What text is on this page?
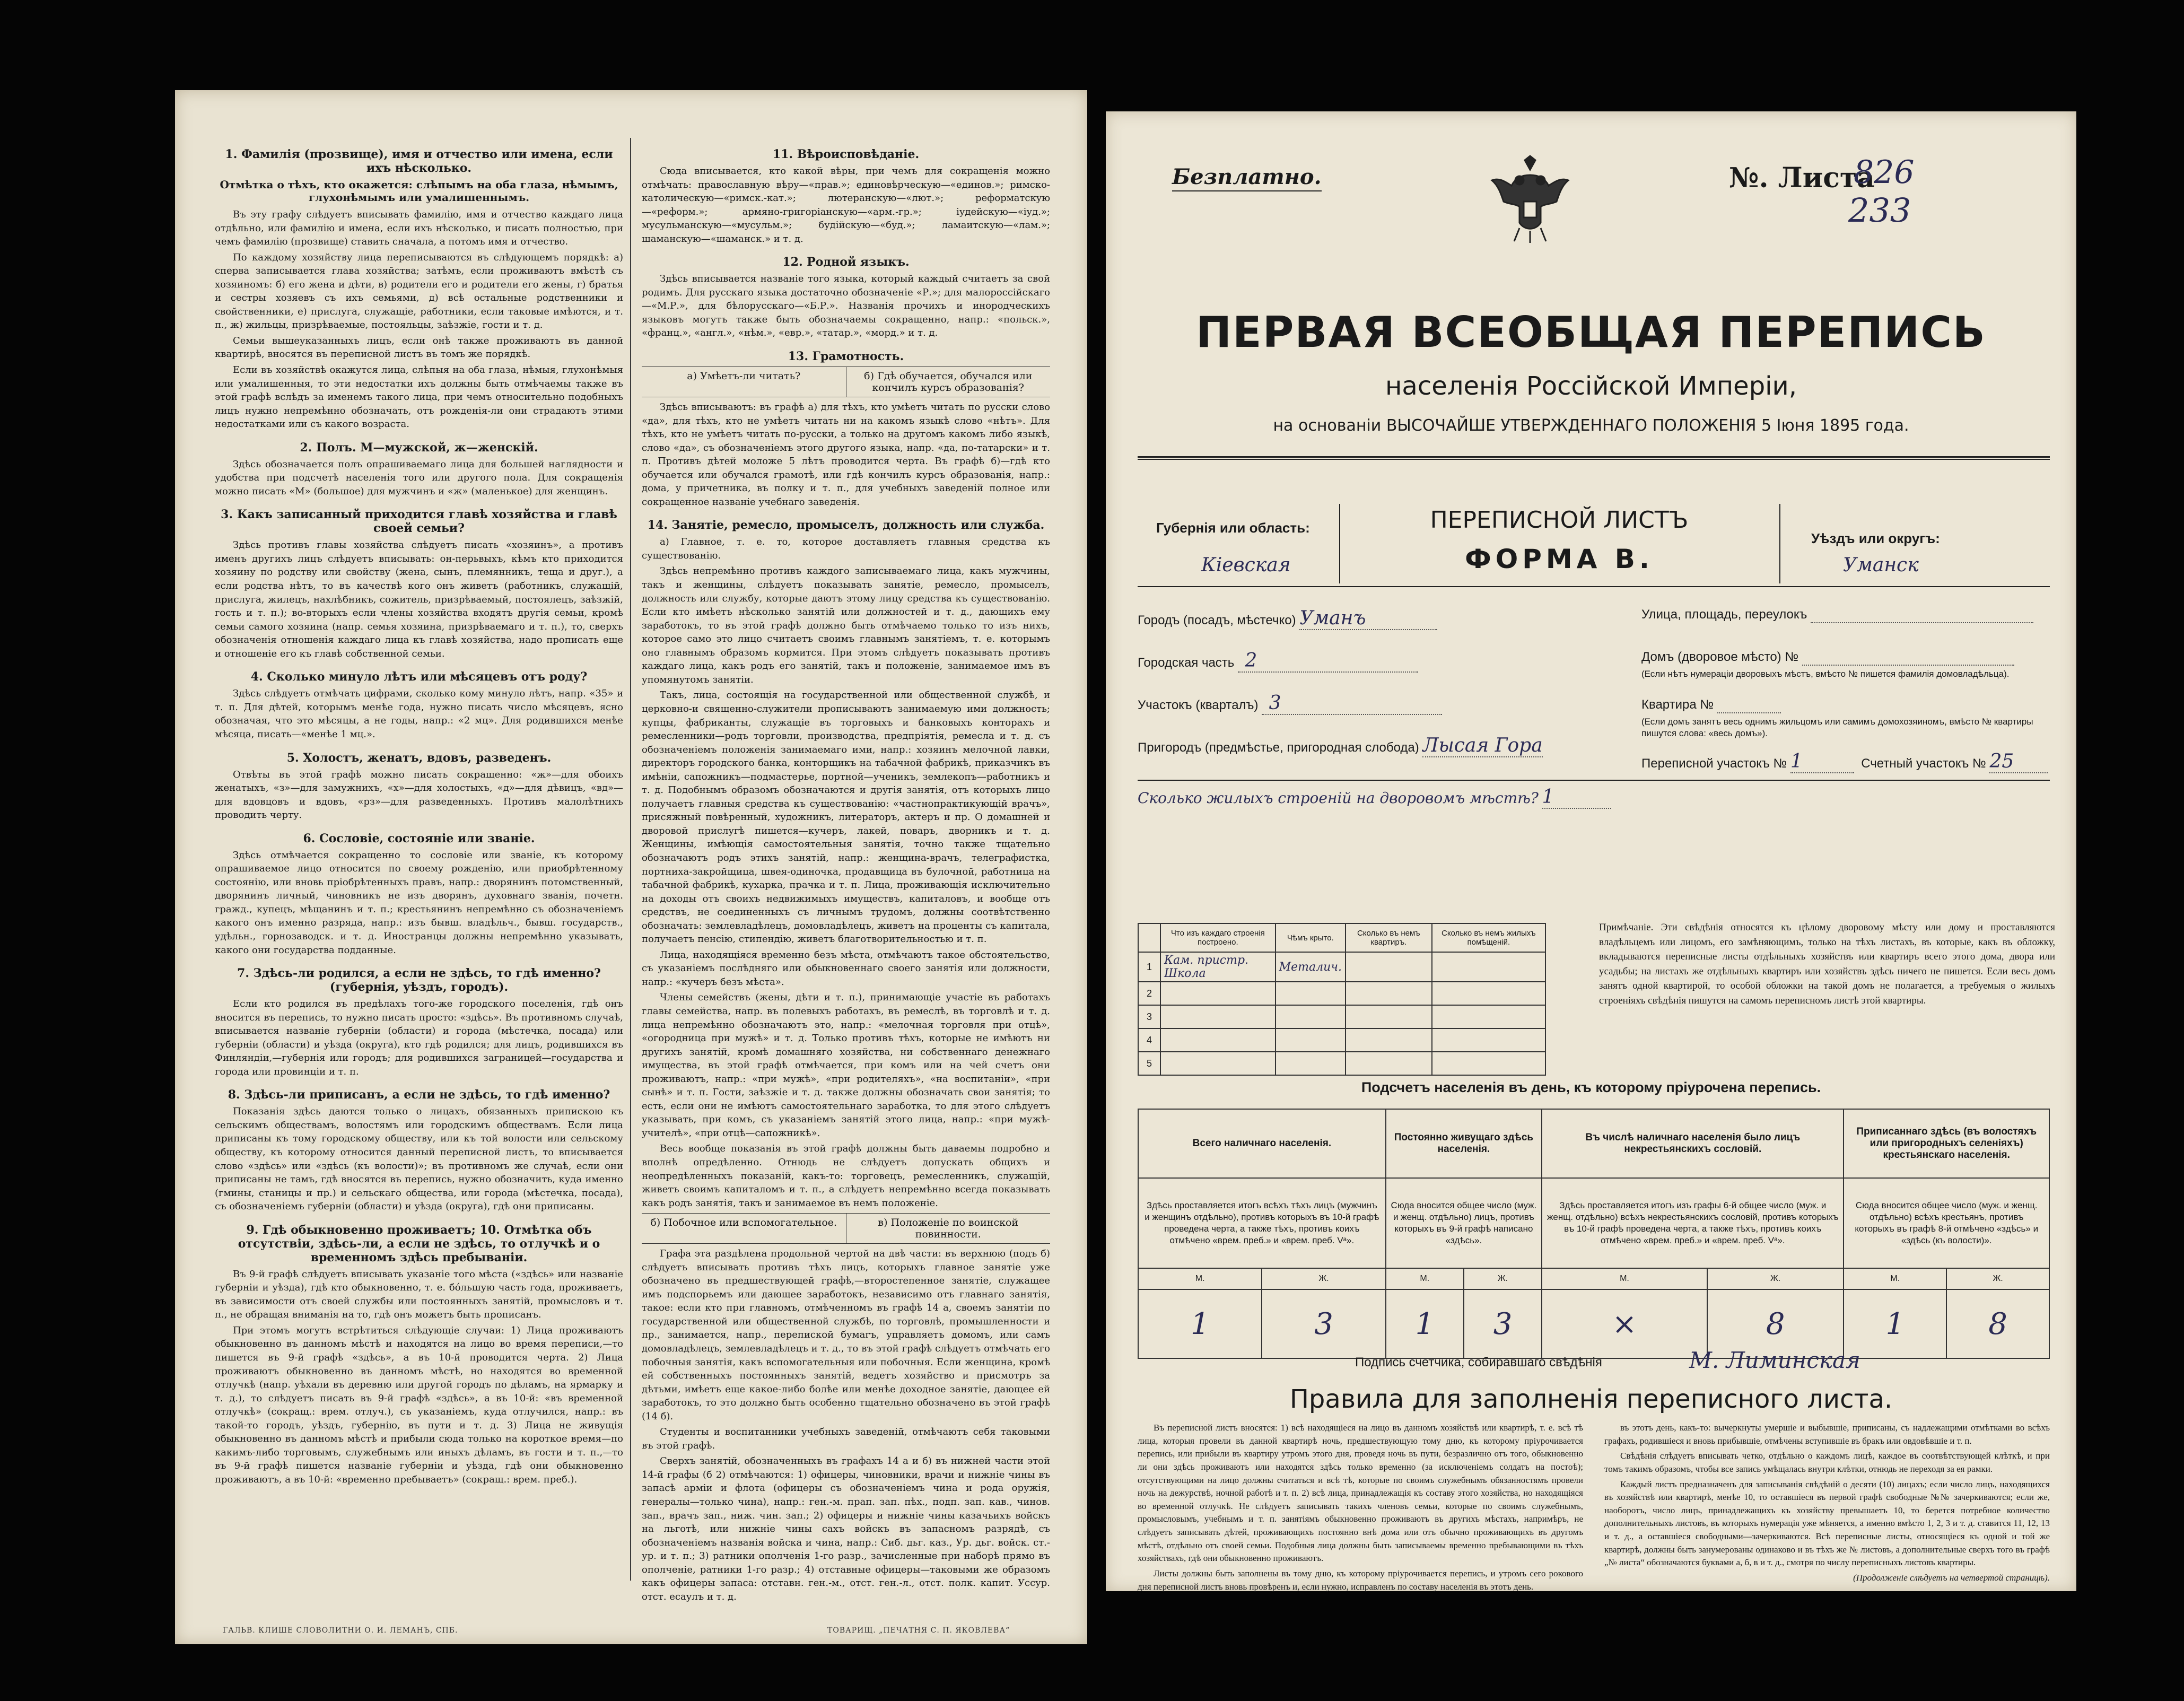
1. Фамилія (прозвище), имя и отчество или имена, если ихъ нѣсколько.
Отмѣтка о тѣхъ, кто окажется: слѣпымъ на оба глаза, нѣмымъ, глухонѣмымъ или умалишеннымъ.

Въ эту графу слѣдуетъ вписывать фамилію, имя и отчество каждаго лица отдѣльно, или фамилію и имена, если ихъ нѣсколько, и писать полностью, при чемъ фамилію (прозвище) ставить сначала, а потомъ имя и отчество.

По каждому хозяйству лица переписываются въ слѣдующемъ порядкѣ: а) сперва записывается глава хозяйства; затѣмъ, если проживаютъ вмѣстѣ съ хозяиномъ: б) его жена и дѣти, в) родители его и родители его жены, г) братья и сестры хозяевъ съ ихъ семьями, д) всѣ остальные родственники и свойственники, е) прислуга, служащіе, работники, если таковые имѣются, и т. п., ж) жильцы, призрѣваемые, постояльцы, заѣзжіе, гости и т. д.

Семьи вышеуказанныхъ лицъ, если онѣ также проживаютъ въ данной квартирѣ, вносятся въ переписной листъ въ томъ же порядкѣ.

Если въ хозяйствѣ окажутся лица, слѣпыя на оба глаза, нѣмыя, глухонѣмыя или умалишенныя, то эти недостатки ихъ должны быть отмѣчаемы также въ этой графѣ вслѣдъ за именемъ такого лица, при чемъ относительно подобныхъ лицъ нужно непремѣнно обозначать, отъ рожденія-ли они страдаютъ этими недостатками или съ какого возраста.

2. Полъ. М—мужской, ж—женскій.

Здѣсь обозначается полъ опрашиваемаго лица для большей наглядности и удобства при подсчетѣ населенія того или другого пола. Для сокращенія можно писать «М» (большое) для мужчинъ и «ж» (маленькое) для женщинъ.

3. Какъ записанный приходится главѣ хозяйства и главѣ своей семьи?

Здѣсь противъ главы хозяйства слѣдуетъ писать «хозяинъ», а противъ именъ другихъ лицъ слѣдуетъ вписывать: он-перьвыхъ, кѣмъ кто приходится хозяину по родству или свойству (жена, сынъ, племянникъ, теща и друг.), а если родства нѣтъ, то въ качествѣ кого онъ живетъ (работникъ, служащій, прислуга, жилецъ, нахлѣбникъ, сожитель, призрѣваемый, постоялецъ, заѣзжій, гость и т. п.); во-вторыхъ если члены хозяйства входятъ другія семьи, кромѣ семьи самого хозяина (напр. семья хозяина, призрѣваемаго и т. п.), то, сверхъ обозначенія отношенія каждаго лица къ главѣ хозяйства, надо прописать еще и отношеніе его къ главѣ собственной семьи.

4. Сколько минуло лѣтъ или мѣсяцевъ отъ роду?

Здѣсь слѣдуетъ отмѣчать цифрами, сколько кому минуло лѣтъ, напр. «35» и т. п. Для дѣтей, которымъ менѣе года, нужно писать число мѣсяцевъ, ясно обозначая, что это мѣсяцы, а не годы, напр.: «2 мц». Для родившихся менѣе мѣсяца, писать—«менѣе 1 мц.».

5. Холостъ, женатъ, вдовъ, разведенъ.

Отвѣты въ этой графѣ можно писать сокращенно: «ж»—для обоихъ женатыхъ, «з»—для замужнихъ, «х»—для холостыхъ, «д»—для дѣвицъ, «вд»—для вдовцовъ и вдовъ, «рз»—для разведенныхъ. Противъ малолѣтнихъ проводить черту.

6. Сословіе, состояніе или званіе.

Здѣсь отмѣчается сокращенно то сословіе или званіе, къ которому опрашиваемое лицо относится по своему рожденію, или приобрѣтенному состоянію, или вновь пріобрѣтенныхъ правъ, напр.: дворянинъ потомственный, дворянинъ личный, чиновникъ не изъ дворянъ, духовнаго званія, почетн. гражд., купецъ, мѣщанинъ и т. п.; крестьянинъ непремѣнно съ обозначеніемъ какого онъ именно разряда, напр.: изъ бывш. владѣльч., бывш. государств., удѣльн., горнозаводск. и т. д. Иностранцы должны непремѣнно указывать, какого они государства подданные.

7. Здѣсь-ли родился, а если не здѣсь, то гдѣ именно? (губернія, уѣздъ, городъ).

Если кто родился въ предѣлахъ того-же городского поселенія, гдѣ онъ вносится въ перепись, то нужно писать просто: «здѣсь». Въ противномъ случаѣ, вписывается названіе губерніи (области) и города (мѣстечка, посада) или губерніи (области) и уѣзда (округа), кто гдѣ родился; для лицъ, родившихся въ Финляндіи,—губернія или городъ; для родившихся заграницей—государства и города или провинціи и т. п.

8. Здѣсь-ли приписанъ, а если не здѣсь, то гдѣ именно?

Показанія здѣсь даются только о лицахъ, обязанныхъ припискою къ сельскимъ обществамъ, волостямъ или городскимъ обществамъ. Если лица приписаны къ тому городскому обществу, или къ той волости или сельскому обществу, къ которому относится данный переписной листъ, то вписывается слово «здѣсь» или «здѣсь (къ волости)»; въ противномъ же случаѣ, если они приписаны не тамъ, гдѣ вносятся въ перепись, нужно обозначить, куда именно (гмины, станицы и пр.) и сельскаго общества, или города (мѣстечка, посада), съ обозначеніемъ губерніи (области) и уѣзда (округа), гдѣ они приписаны.

9. Гдѣ обыкновенно проживаетъ; 10. Отмѣтка объ отсутствіи, здѣсь-ли, а если не здѣсь, то отлучкѣ и о временномъ здѣсь пребываніи.

Въ 9-й графѣ слѣдуетъ вписывать указаніе того мѣста («здѣсь» или названіе губерніи и уѣзда), гдѣ кто обыкновенно, т. е. бóльшую часть года, проживаетъ, въ зависимости отъ своей службы или постоянныхъ занятій, промысловъ и т. п., не обращая вниманія на то, гдѣ онъ можетъ быть прописанъ.

При этомъ могутъ встрѣтиться слѣдующіе случаи: 1) Лица проживаютъ обыкновенно въ данномъ мѣстѣ и находятся на лицо во время переписи,—то пишется въ 9-й графѣ «здѣсь», а въ 10-й проводится черта. 2) Лица проживаютъ обыкновенно въ данномъ мѣстѣ, но находятся во временной отлучкѣ (напр. уѣхали въ деревню или другой городъ по дѣламъ, на ярмарку и т. д.), то слѣдуетъ писать въ 9-й графѣ «здѣсь», а въ 10-й: «въ временной отлучкѣ» (сокращ.: врем. отлуч.), съ указаніемъ, куда отлучился, напр.: въ такой-то городъ, уѣздъ, губернію, въ пути и т. д. 3) Лица не живущія обыкновенно въ данномъ мѣстѣ и прибыли сюда только на короткое время—по какимъ-либо торговымъ, служебнымъ или иныхъ дѣламъ, въ гости и т. п.,—то въ 9-й графѣ пишется названіе губерніи и уѣзда, гдѣ они обыкновенно проживаютъ, а въ 10-й: «временно пребываетъ» (сокращ.: врем. преб.).

11. Вѣроисповѣданіе.

Сюда вписывается, кто какой вѣры, при чемъ для сокращенія можно отмѣчать: православную вѣру—«прав.»; единовѣрческую—«единов.»; римско-католическую—«римск.-кат.»; лютеранскую—«лют.»; реформатскую—«реформ.»; армяно-григоріанскую—«арм.-гр.»; іудейскую—«іуд.»; мусульманскую—«мусульм.»; будійскую—«буд.»; ламаитскую—«лам.»; шаманскую—«шаманск.» и т. д.

12. Родной языкъ.

Здѣсь вписывается названіе того языка, который каждый считаетъ за свой родимъ. Для русскаго языка достаточно обозначеніе «Р.»; для малороссійскаго—«М.Р.», для бѣлорусскаго—«Б.Р.». Названія прочихъ и инородческихъ языковъ могутъ также быть обозначаемы сокращенно, напр.: «польск.», «франц.», «англ.», «нѣм.», «евр.», «татар.», «морд.» и т. д.

13. Грамотность.
а) Умѣетъ-ли читать?	б) Гдѣ обучается, обучался или кончилъ курсъ образованія?

Здѣсь вписываютъ: въ графѣ а) для тѣхъ, кто умѣетъ читать по русски слово «да», для тѣхъ, кто не умѣетъ читать ни на какомъ языкѣ слово «нѣтъ». Для тѣхъ, кто не умѣетъ читать по-русски, а только на другомъ какомъ либо языкѣ, слово «да», съ обозначеніемъ этого другого языка, напр. «да, по-татарски» и т. п. Противъ дѣтей моложе 5 лѣтъ проводится черта. Въ графѣ б)—гдѣ кто обучается или обучался грамотѣ, или гдѣ кончилъ курсъ образованія, напр.: дома, у причетника, въ полку и т. п., для учебныхъ заведеній полное или сокращенное названіе учебнаго заведенія.

14. Занятіе, ремесло, промыселъ, должность или служба.

а) Главное, т. е. то, которое доставляетъ главныя средства къ существованію.

Здѣсь непремѣнно противъ каждого записываемаго лица, какъ мужчины, такъ и женщины, слѣдуетъ показывать занятіе, ремесло, промыселъ, должность или службу, которые даютъ этому лицу средства къ существованію. Если кто имѣетъ нѣсколько занятій или должностей и т. д., дающихъ ему заработокъ, то въ этой графѣ должно быть отмѣчаемо только то изъ нихъ, которое само это лицо считаетъ своимъ главнымъ занятіемъ, т. е. которымъ оно главнымъ образомъ кормится. При этомъ слѣдуетъ показывать противъ каждаго лица, какъ родъ его занятій, такъ и положеніе, занимаемое имъ въ упомянутомъ занятіи.

Такъ, лица, состоящія на государственной или общественной службѣ, и церковно-и священно-служители прописываютъ занимаемую ими должность; купцы, фабриканты, служащіе въ торговыхъ и банковыхъ конторахъ и ремесленники—родъ торговли, производства, предпріятія, ремесла и т. д. съ обозначеніемъ положенія занимаемаго ими, напр.: хозяинъ мелочной лавки, директоръ городского банка, конторщикъ на табачной фабрикѣ, приказчикъ въ имѣніи, сапожникъ—подмастерье, портной—ученикъ, землекопъ—работникъ и т. д. Подобнымъ образомъ обозначаются и другія занятія, отъ которыхъ лицо получаетъ главныя средства къ существованію: «частнопрактикующій врачъ», присяжный повѣренный, художникъ, литераторъ, актеръ и пр. О домашней и дворовой прислугѣ пишется—кучеръ, лакей, поваръ, дворникъ и т. д. Женщины, имѣющія самостоятельныя занятія, точно также тщательно обозначаютъ родъ этихъ занятій, напр.: женщина-врачъ, телеграфистка, портниха-закройщица, швея-одиночка, продавщица въ булочной, работница на табачной фабрикѣ, кухарка, прачка и т. п. Лица, проживающія исключительно на доходы отъ своихъ недвижимыхъ имуществъ, капиталовъ, и вообще отъ средствъ, не соединенныхъ съ личнымъ трудомъ, должны соотвѣтственно обозначать: землевладѣлецъ, домовладѣлецъ, живетъ на проценты съ капитала, получаетъ пенсію, стипендію, живетъ благотворительностью и т. п.

Лица, находящіяся временно безъ мѣста, отмѣчаютъ такое обстоятельство, съ указаніемъ послѣдняго или обыкновеннаго своего занятія или должности, напр.: «кучеръ безъ мѣста».

Члены семействъ (жены, дѣти и т. п.), принимающіе участіе въ работахъ главы семейства, напр. въ полевыхъ работахъ, въ ремеслѣ, въ торговлѣ и т. д. лица непремѣнно обозначаютъ это, напр.: «мелочная торговля при отцѣ», «огородница при мужѣ» и т. д. Только противъ тѣхъ, которые не имѣютъ ни другихъ занятій, кромѣ домашняго хозяйства, ни собственнаго денежнаго имущества, въ этой графѣ отмѣчается, при комъ или на чей счетъ они проживаютъ, напр.: «при мужѣ», «при родителяхъ», «на воспитаніи», «при сынѣ» и т. п. Гости, заѣзжіе и т. д. также должны обозначать свои занятія; то есть, если они не имѣютъ самостоятельнаго заработка, то для этого слѣдуетъ указывать, при комъ, съ указаніемъ занятій этого лица, напр.: «при мужѣ-учителѣ», «при отцѣ—сапожникѣ».

Весь вообще показанія въ этой графѣ должны быть даваемы подробно и вполнѣ опредѣленно. Отнюдь не слѣдуетъ допускать общихъ и неопредѣленныхъ показаній, какъ-то: торговецъ, ремесленникъ, служащій, живетъ своимъ капиталомъ и т. п., а слѣдуетъ непремѣнно всегда показывать какъ родъ занятія, такъ и занимаемое въ немъ положеніе.

б) Побочное или вспомогательное.	в) Положеніе по воинской повинности.

Графа эта раздѣлена продольной чертой на двѣ части: въ верхнюю (подъ б) слѣдуетъ вписывать противъ тѣхъ лицъ, которыхъ главное занятіе уже обозначено въ предшествующей графѣ,—второстепенное занятіе, служащее имъ подспорьемъ или дающее заработокъ, независимо отъ главнаго занятія, такое: если кто при главномъ, отмѣченномъ въ графѣ 14 а, своемъ занятіи по государственной или общественной службѣ, по торговлѣ, промышленности и пр., занимается, напр., перепиской бумагъ, управляетъ домомъ, или самъ домовладѣлецъ, землевладѣлецъ и т. д., то въ этой графѣ слѣдуетъ отмѣчать его побочныя занятія, какъ вспомогательныя или побочныя. Если женщина, кромѣ ей собственныхъ постоянныхъ занятій, ведетъ хозяйство и присмотръ за дѣтьми, имѣетъ еще какое-либо болѣе или менѣе доходное занятіе, дающее ей заработокъ, то это должно быть особенно тщательно обозначено въ этой графѣ (14 б).

Студенты и воспитанники учебныхъ заведеній, отмѣчаютъ себя таковыми въ этой графѣ.

Сверхъ занятій, обозначенныхъ въ графахъ 14 а и б) въ нижней части этой 14-й графы (б 2) отмѣчаются: 1) офицеры, чиновники, врачи и нижніе чины въ запасѣ арміи и флота (офицеры съ обозначеніемъ чина и рода оружія, генералы—только чина), напр.: ген.-м. прап. зап. пѣх., подп. зап. кав., чинов. зап., врачъ зап., ниж. чин. зап.; 2) офицеры и нижніе чины казачьихъ войскъ на льготѣ, или нижніе чины сахъ войскъ въ запасномъ разрядѣ, съ обозначеніемъ названія войска и чина, напр.: Сиб. дьг. каз., Ур. дьг. войск. ст.-ур. и т. п.; 3) ратники ополченія 1-го разр., зачисленные при наборѣ прямо въ ополченіе, ратники 1-го разр.; 4) отставные офицеры—таковыми же образомъ какъ офицеры запаса: отставн. ген.-м., отст. ген.-л., отст. полк. капит. Уссур. отст. есаулъ и т. д.

ГАЛЬВ. КЛИШЕ СЛОВОЛИТНИ О. И. ЛЕМАНЪ, СПБ.	ТОВАРИЩ. „ПЕЧАТНЯ С. П. ЯКОВЛЕВА“
Безплатно.	№. Листа
826
233
ПЕРВАЯ ВСЕОБЩАЯ ПЕРЕПИСЬ
населенія Россійской Имперіи,
на основаніи ВЫСОЧАЙШЕ УТВЕРЖДЕННАГО ПОЛОЖЕНІЯ 5 Іюня 1895 года.
Губернія или область:
Кіевская
ПЕРЕПИСНОЙ ЛИСТЪ
ФОРМА В.
Уѣздъ или округъ:
Уманск
Городъ (посадъ, мѣстечко) Уманъ
Городская часть 2
Участокъ (кварталъ) 3
Пригородъ (предмѣстье, пригородная слобода) Лысая Гора
Улица, площадь, переулокъ
Домъ (дворовое мѣсто) №
(Если нѣтъ нумераціи дворовыхъ мѣстъ, вмѣсто № пишется фамилія домовладѣльца).
Квартира №
(Если домъ занятъ весь однимъ жильцомъ или самимъ домохозяиномъ, вмѣсто № квартиры пишутся слова: «весь домъ»).
Переписной участокъ № 1	Счетный участокъ № 25
Сколько жилыхъ строеній на дворовомъ мѣстѣ? 1
	Что изъ каждаго строенія построено.	Чѣмъ крыто.	Сколько въ немъ квартиръ.	Сколько въ немъ жилыхъ помѣщеній.
1	Кам. пристр. Школа	Металич.		
2				
3				
4				
5				
Примѣчаніе. Эти свѣдѣнія относятся къ цѣлому дворовому мѣсту или дому и проставляются владѣльцемъ или лицомъ, его замѣняющимъ, только на тѣхъ листахъ, въ которые, какъ въ обложку, вкладываются переписные листы отдѣльныхъ хозяйствъ или квартиръ всего этого дома, двора или усадьбы; на листахъ же отдѣльныхъ квартиръ или хозяйствъ здѣсь ничего не пишется. Если весь домъ занятъ одной квартирой, то особой обложки на такой домъ не полагается, а требуемыя о жилыхъ строеніяхъ свѣдѣнія пишутся на самомъ переписномъ листѣ этой квартиры.
Подсчетъ населенія въ день, къ которому пріурочена перепись.
Всего наличнаго населенія.		Постоянно живущаго здѣсь населенія.		Въ числѣ наличнаго населенія было лицъ некрестьянскихъ сословій.		Приписаннаго здѣсь (въ волостяхъ или пригородныхъ селеніяхъ) крестьянскаго населенія.	
Здѣсь проставляется итогъ всѣхъ тѣхъ лицъ (мужчинъ и женщинъ отдѣльно), противъ которыхъ въ 10-й графѣ проведена черта, а также тѣхъ, противъ коихъ отмѣчено «врем. преб.» и «врем. преб. Vᵃ».		Сюда вносится общее число (муж. и женщ. отдѣльно) лицъ, противъ которыхъ въ 9-й графѣ написано «здѣсь».		Здѣсь проставляется итогъ изъ графы 6-й общее число (муж. и женщ. отдѣльно) всѣхъ некрестьянскихъ сословій, противъ которыхъ въ 10-й графѣ проведена черта, а также тѣхъ, противъ коихъ отмѣчено «врем. преб.» и «врем. преб. Vᵃ».		Сюда вносится общее число (муж. и женщ. отдѣльно) всѣхъ крестьянъ, противъ которыхъ въ графѣ 8-й отмѣчено «здѣсь» и «здѣсь (къ волости)».	
М.	Ж.	М.	Ж.	М.	Ж.	М.	Ж.
1	3	1	3	×	8	1	8
Подпись счетчика, собиравшаго свѣдѣнія	М. Лиминская
Правила для заполненія переписного листа.

Въ переписной листъ вносятся: 1) всѣ находящіеся на лицо въ данномъ хозяйствѣ или квартирѣ, т. е. всѣ тѣ лица, которыя провели въ данной квартирѣ ночь, предшествующую тому дню, къ которому пріурочивается перепись, или прибыли въ квартиру утромъ этого дня, проведя ночь въ пути, безразлично отъ того, обыкновенно ли они здѣсь проживаютъ или находятся здѣсь только временно (за исключеніемъ солдатъ на постоѣ); отсутствующими на лицо должны считаться и всѣ тѣ, которые по своимъ служебнымъ обязанностямъ провели ночь на дежурствѣ, ночной работѣ и т. п. 2) всѣ лица, принадлежащія къ составу этого хозяйства, но находящіяся во временной отлучкѣ. Не слѣдуетъ записывать такихъ членовъ семьи, которые по своимъ служебнымъ, промысловымъ, учебнымъ и т. п. занятіямъ обыкновенно проживаютъ въ другихъ мѣстахъ, напримѣръ, не слѣдуетъ записывать дѣтей, проживающихъ постоянно внѣ дома или отъ обычно проживающихъ въ другомъ мѣстѣ, отдѣльно отъ своей семьи. Подобныя лица должны быть записываемы временно пребывающими въ тѣхъ хозяйствахъ, гдѣ они обыкновенно проживаютъ.

Листы должны быть заполнены въ тому дню, къ которому пріурочивается перепись, и утромъ сего рокового дня переписной листъ вновь провѣренъ и, если нужно, исправленъ по составу населенія въ этотъ день.

въ этотъ день, какъ-то: вычеркнуты умершіе и выбывшіе, приписаны, съ надлежащими отмѣтками во всѣхъ графахъ, родившіеся и вновь прибывшіе, отмѣчены вступившіе въ бракъ или овдовѣвшіе и т. п.

Свѣдѣнія слѣдуетъ вписывать четко, отдѣльно о каждомъ лицѣ, каждое въ соотвѣтствующей клѣткѣ, и при томъ такимъ образомъ, чтобы все запись умѣщалась внутри клѣтки, отнюдь не переходя за ея рамки.

Каждый листъ предназначенъ для записыванія свѣдѣній о десяти (10) лицахъ; если число лицъ, находящихся въ хозяйствѣ или квартирѣ, менѣе 10, то оставшіеся въ первой графѣ свободные №№ зачеркиваются; если же, наоборотъ, число лицъ, принадлежащихъ къ хозяйству превышаетъ 10, то берется потребное количество дополнительныхъ листовъ, въ которыхъ нумерація уже мѣняется, а именно вмѣсто 1, 2, 3 и т. д. ставится 11, 12, 13 и т. д., а оставшіеся свободными—зачеркиваются. Всѣ переписные листы, относящіеся къ одной и той же квартирѣ, должны быть занумерованы одинаково и въ тѣхъ же № листовъ, а дополнительные сверхъ того въ графѣ „№ листа“ обозначаются буквами а, б, в и т. д., смотря по числу переписныхъ листовъ квартиры.

(Продолженіе слѣдуетъ на четвертой страницѣ).
